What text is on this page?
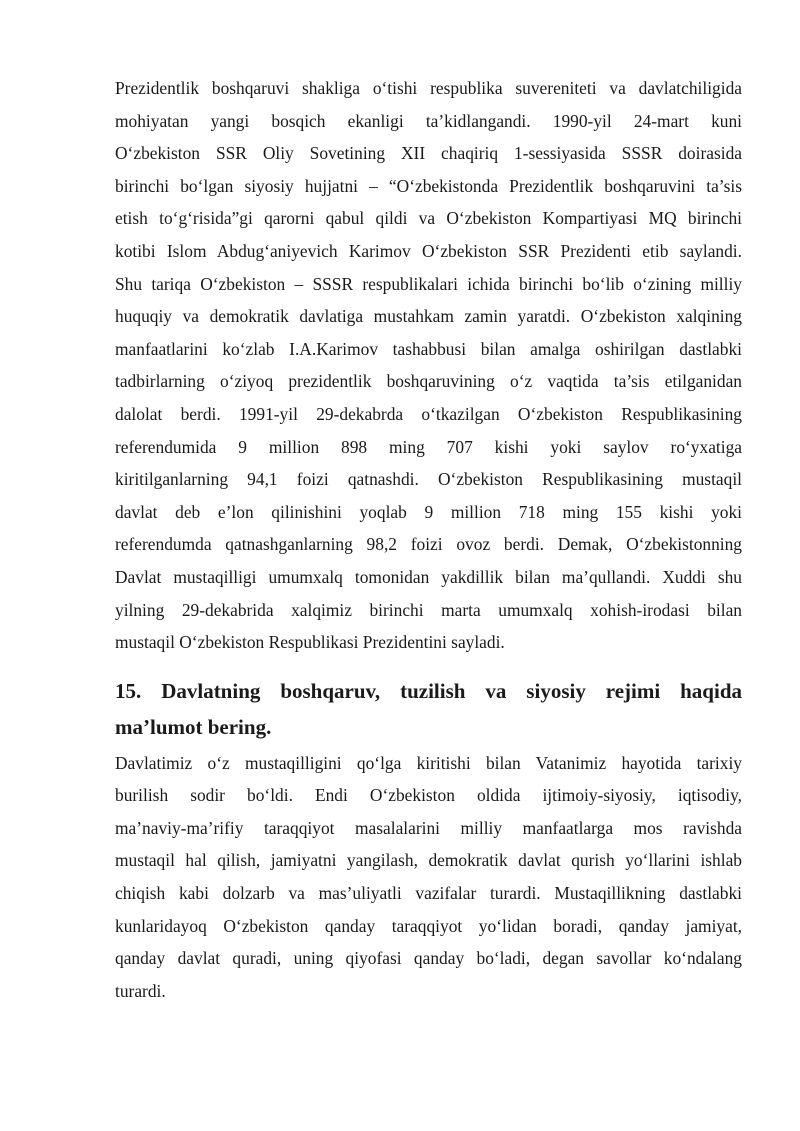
Prezidentlik boshqaruvi shakliga o‘tishi respublika suvereniteti va davlatchiligida
mohiyatan yangi bosqich ekanligi ta’kidlangandi. 1990-yil 24-mart kuni
O‘zbekiston SSR Oliy Sovetining XII chaqiriq 1-sessiyasida SSSR doirasida
birinchi bo‘lgan siyosiy hujjatni – “O‘zbekistonda Prezidentlik boshqaruvini ta’sis
etish to‘g‘risida”gi qarorni qabul qildi va O‘zbekiston Kompartiyasi MQ birinchi
kotibi Islom Abdug‘aniyevich Karimov O‘zbekiston SSR Prezidenti etib saylandi.
Shu tariqa O‘zbekiston – SSSR respublikalari ichida birinchi bo‘lib o‘zining milliy
huquqiy va demokratik davlatiga mustahkam zamin yaratdi. O‘zbekiston xalqining
manfaatlarini ko‘zlab I.A.Karimov tashabbusi bilan amalga oshirilgan dastlabki
tadbirlarning o‘ziyoq prezidentlik boshqaruvining o‘z vaqtida ta’sis etilganidan
dalolat berdi. 1991-yil 29-dekabrda o‘tkazilgan O‘zbekiston Respublikasining
referendumida 9 million 898 ming 707 kishi yoki saylov ro‘yxatiga
kiritilganlarning 94,1 foizi qatnashdi. O‘zbekiston Respublikasining mustaqil
davlat deb e’lon qilinishini yoqlab 9 million 718 ming 155 kishi yoki
referendumda qatnashganlarning 98,2 foizi ovoz berdi. Demak, O‘zbekistonning
Davlat mustaqilligi umumxalq tomonidan yakdillik bilan ma’qullandi. Xuddi shu
yilning 29-dekabrida xalqimiz birinchi marta umumxalq xohish-irodasi bilan
mustaqil O‘zbekiston Respublikasi Prezidentini sayladi.
15. Davlatning boshqaruv, tuzilish va siyosiy rejimi haqida
ma’lumot bering.
Davlatimiz o‘z mustaqilligini qo‘lga kiritishi bilan Vatanimiz hayotida tarixiy
burilish sodir bo‘ldi. Endi O‘zbekiston oldida ijtimoiy-siyosiy, iqtisodiy,
ma’naviy-ma’rifiy taraqqiyot masalalarini milliy manfaatlarga mos ravishda
mustaqil hal qilish, jamiyatni yangilash, demokratik davlat qurish yo‘llarini ishlab
chiqish kabi dolzarb va mas’uliyatli vazifalar turardi. Mustaqillikning dastlabki
kunlaridayoq O‘zbekiston qanday taraqqiyot yo‘lidan boradi, qanday jamiyat,
qanday davlat quradi, uning qiyofasi qanday bo‘ladi, degan savollar ko‘ndalang
turardi.
